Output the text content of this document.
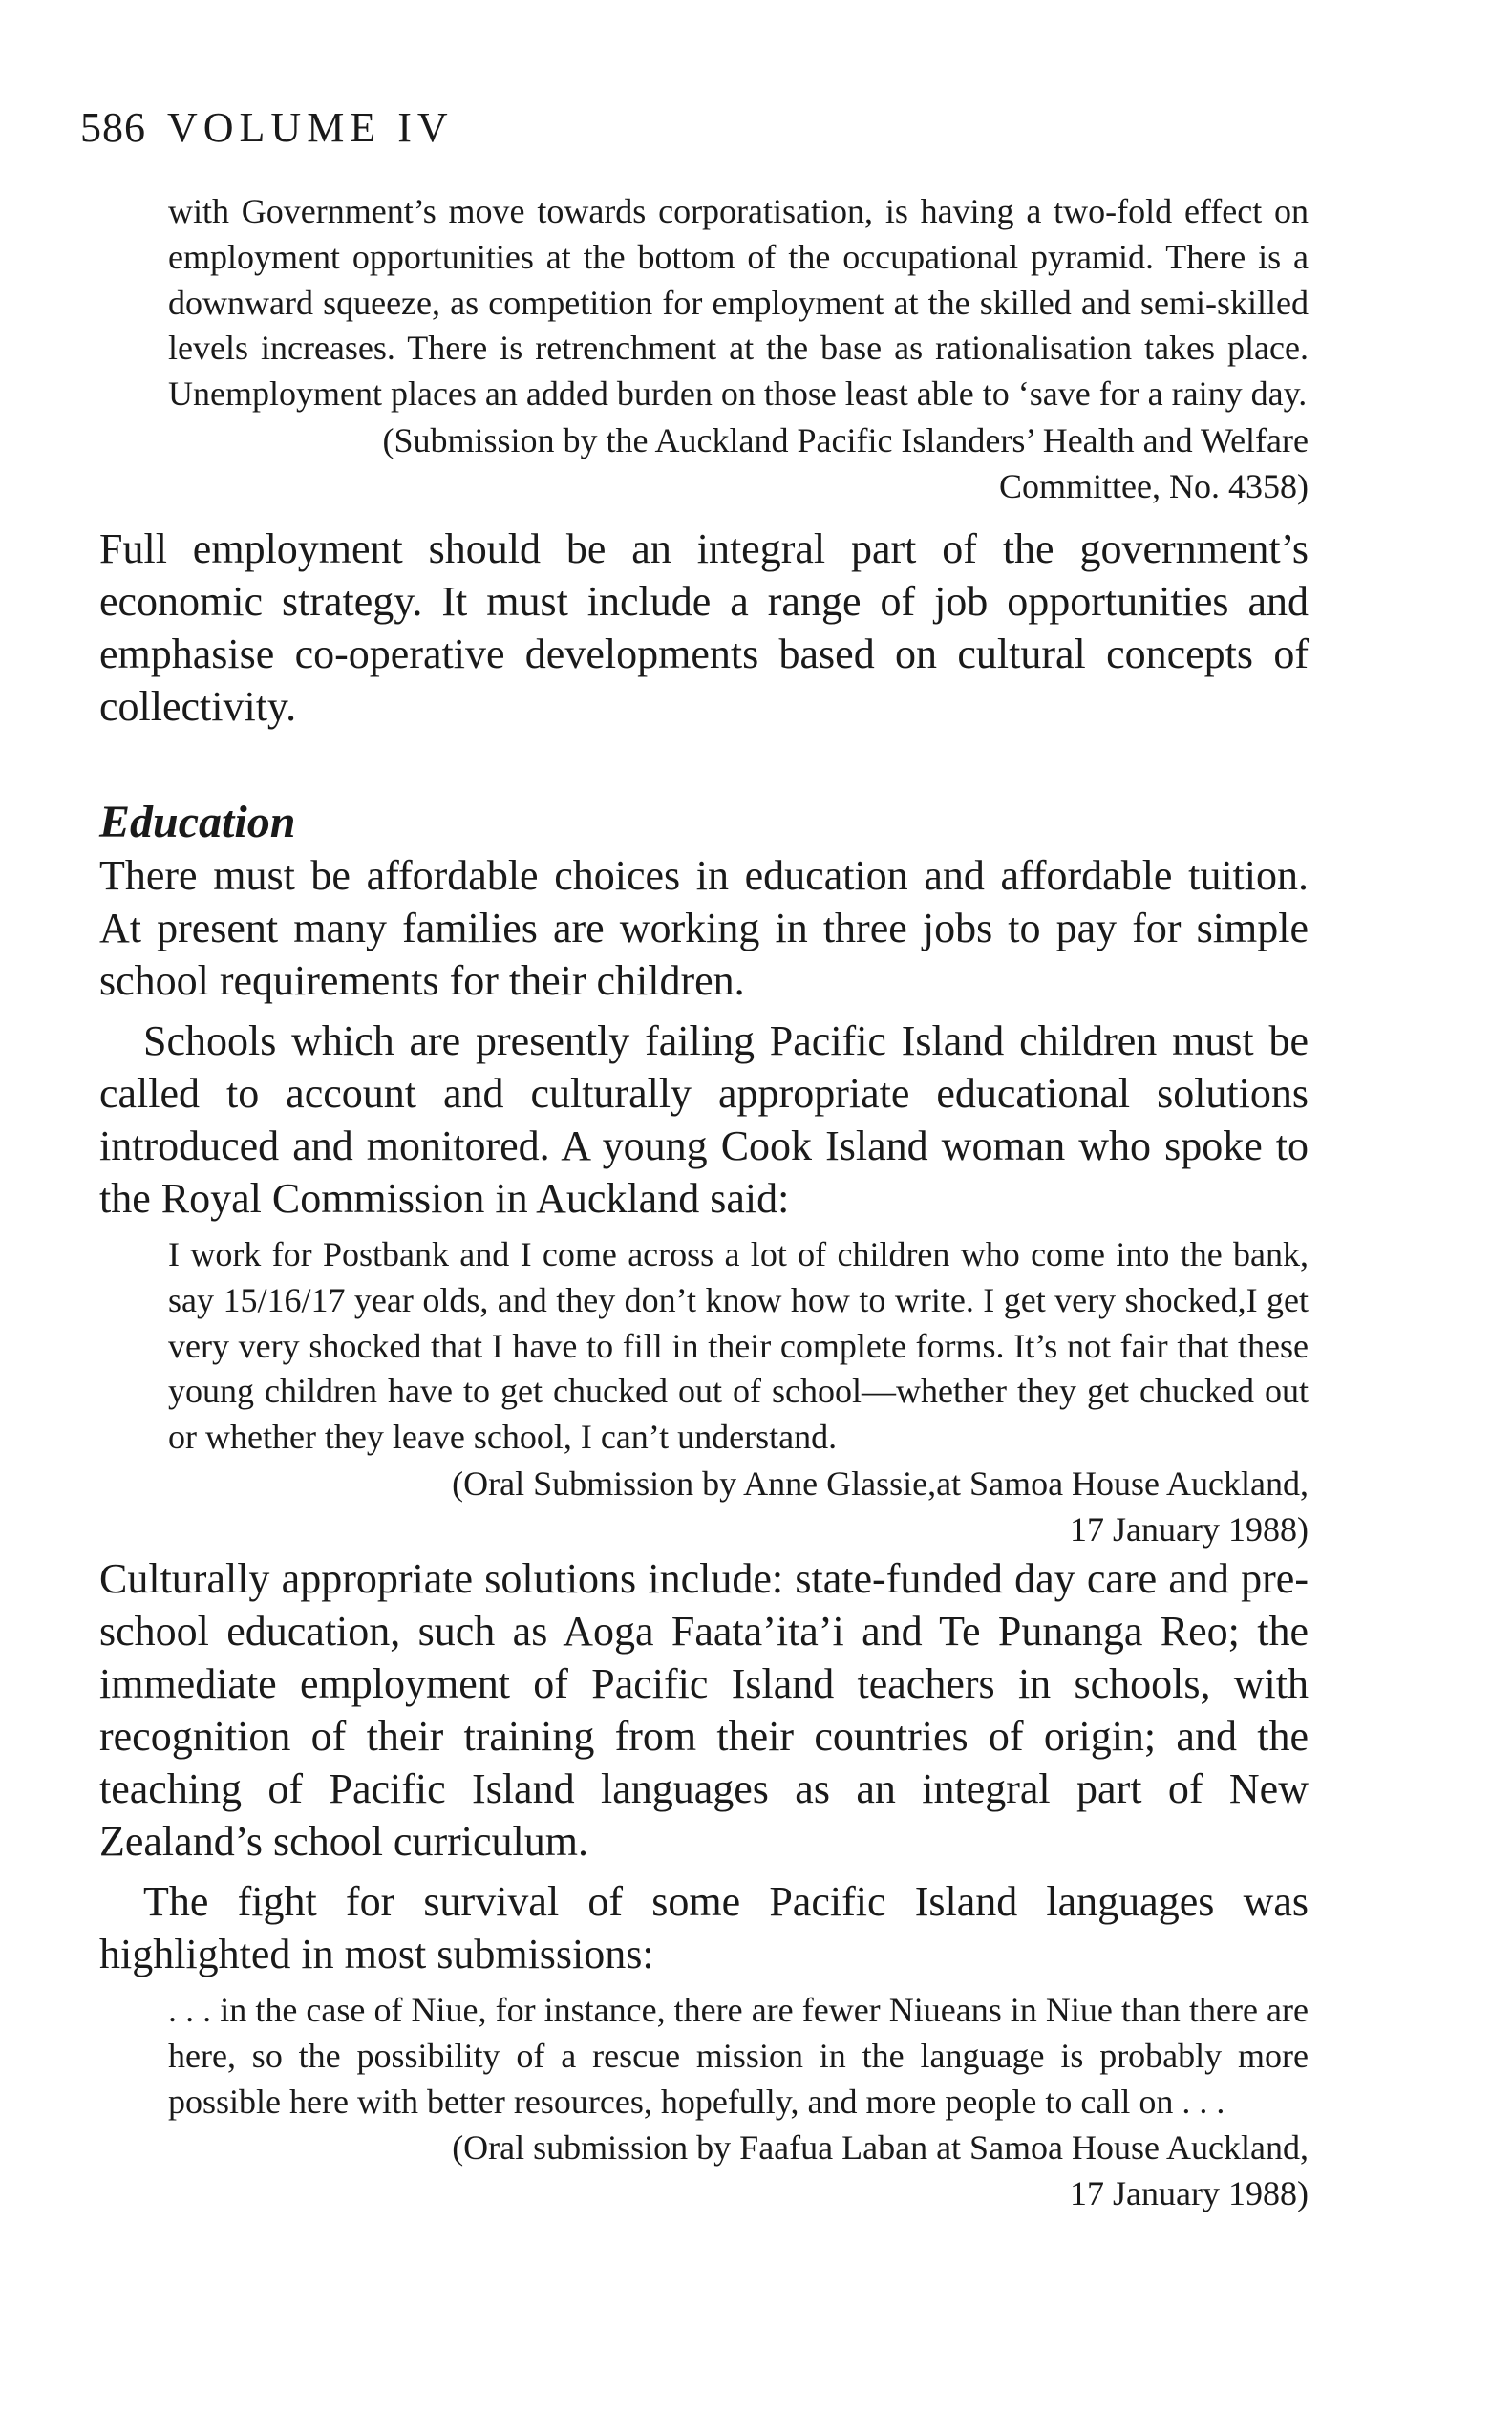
586 VOLUME IV

with Government’s move towards corporatisation, is having a two-fold effect on employment opportunities at the bottom of the occupational pyramid. There is a downward squeeze, as competition for employment at the skilled and semi-skilled levels increases. There is retrenchment at the base as rationalisation takes place. Unemployment places an added burden on those least able to ‘save for a rainy day.

(Submission by the Auckland Pacific Islanders’ Health and Welfare
Committee, No. 4358)

Full employment should be an integral part of the government’s economic strategy. It must include a range of job opportunities and emphasise co-operative developments based on cultural concepts of collectivity.

Education

There must be affordable choices in education and affordable tuition. At present many families are working in three jobs to pay for simple school requirements for their children.

Schools which are presently failing Pacific Island children must be called to account and culturally appropriate educational solutions introduced and monitored. A young Cook Island woman who spoke to the Royal Commission in Auckland said:

I work for Postbank and I come across a lot of children who come into the bank, say 15/16/17 year olds, and they don’t know how to write. I get very shocked,I get very very shocked that I have to fill in their complete forms. It’s not fair that these young children have to get chucked out of school—whether they get chucked out or whether they leave school, I can’t understand.

(Oral Submission by Anne Glassie,at Samoa House Auckland,
17 January 1988)

Culturally appropriate solutions include: state-funded day care and pre-school education, such as Aoga Faata’ita’i and Te Punanga Reo; the immediate employment of Pacific Island teachers in schools, with recognition of their training from their countries of origin; and the teaching of Pacific Island languages as an integral part of New Zealand’s school curriculum.

The fight for survival of some Pacific Island languages was highlighted in most submissions:

. . . in the case of Niue, for instance, there are fewer Niueans in Niue than there are here, so the possibility of a rescue mission in the language is probably more possible here with better resources, hopefully, and more people to call on . . .

(Oral submission by Faafua Laban at Samoa House Auckland,
17 January 1988)
